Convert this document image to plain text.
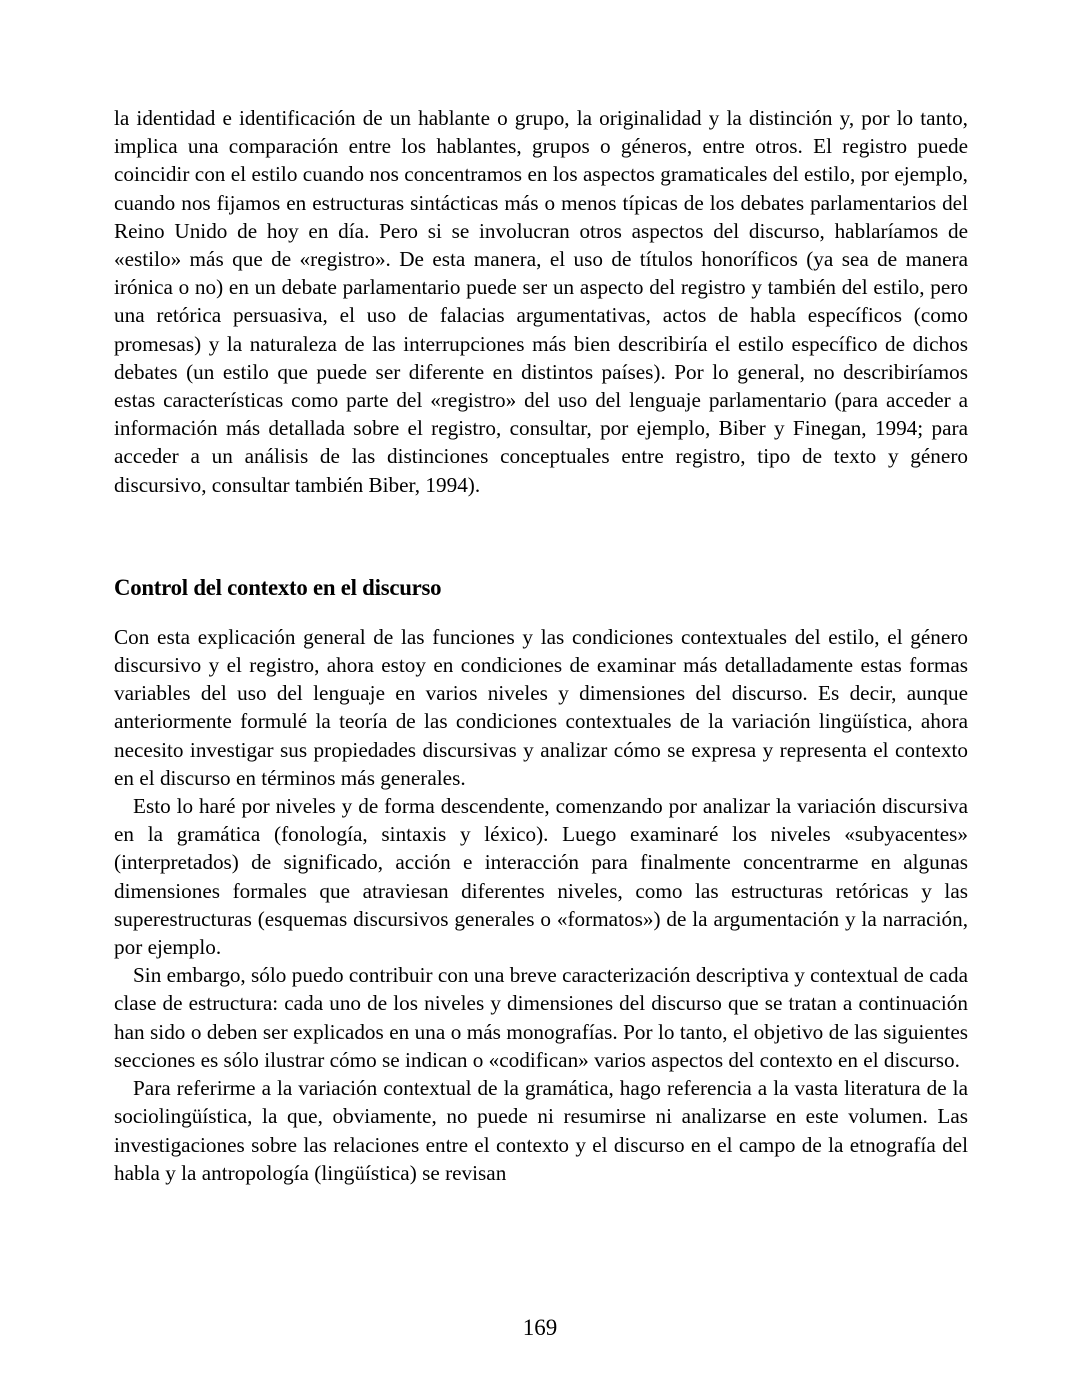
la identidad e identificación de un hablante o grupo, la originalidad y la distinción y, por lo tanto, implica una comparación entre los hablantes, grupos o géneros, entre otros. El registro puede coincidir con el estilo cuando nos concentramos en los aspectos gramaticales del estilo, por ejemplo, cuando nos fijamos en estructuras sintácticas más o menos típicas de los debates parlamentarios del Reino Unido de hoy en día. Pero si se involucran otros aspectos del discurso, hablaríamos de «estilo» más que de «registro». De esta manera, el uso de títulos honoríficos (ya sea de manera irónica o no) en un debate parlamentario puede ser un aspecto del registro y también del estilo, pero una retórica persuasiva, el uso de falacias argumentativas, actos de habla específicos (como promesas) y la naturaleza de las interrupciones más bien describiría el estilo específico de dichos debates (un estilo que puede ser diferente en distintos países). Por lo general, no describiríamos estas características como parte del «registro» del uso del lenguaje parlamentario (para acceder a información más detallada sobre el registro, consultar, por ejemplo, Biber y Finegan, 1994; para acceder a un análisis de las distinciones conceptuales entre registro, tipo de texto y género discursivo, consultar también Biber, 1994).

Control del contexto en el discurso

Con esta explicación general de las funciones y las condiciones contextuales del estilo, el género discursivo y el registro, ahora estoy en condiciones de examinar más detalladamente estas formas variables del uso del lenguaje en varios niveles y dimensiones del discurso. Es decir, aunque anteriormente formulé la teoría de las condiciones contextuales de la variación lingüística, ahora necesito investigar sus propiedades discursivas y analizar cómo se expresa y representa el contexto en el discurso en términos más generales.

Esto lo haré por niveles y de forma descendente, comenzando por analizar la variación discursiva en la gramática (fonología, sintaxis y léxico). Luego examinaré los niveles «subyacentes» (interpretados) de significado, acción e interacción para finalmente concentrarme en algunas dimensiones formales que atraviesan diferentes niveles, como las estructuras retóricas y las superestructuras (esquemas discursivos generales o «formatos») de la argumentación y la narración, por ejemplo.

Sin embargo, sólo puedo contribuir con una breve caracterización descriptiva y contextual de cada clase de estructura: cada uno de los niveles y dimensiones del discurso que se tratan a continuación han sido o deben ser explicados en una o más monografías. Por lo tanto, el objetivo de las siguientes secciones es sólo ilustrar cómo se indican o «codifican» varios aspectos del contexto en el discurso.

Para referirme a la variación contextual de la gramática, hago referencia a la vasta literatura de la sociolingüística, la que, obviamente, no puede ni resumirse ni analizarse en este volumen. Las investigaciones sobre las relaciones entre el contexto y el discurso en el campo de la etnografía del habla y la antropología (lingüística) se revisan

169
